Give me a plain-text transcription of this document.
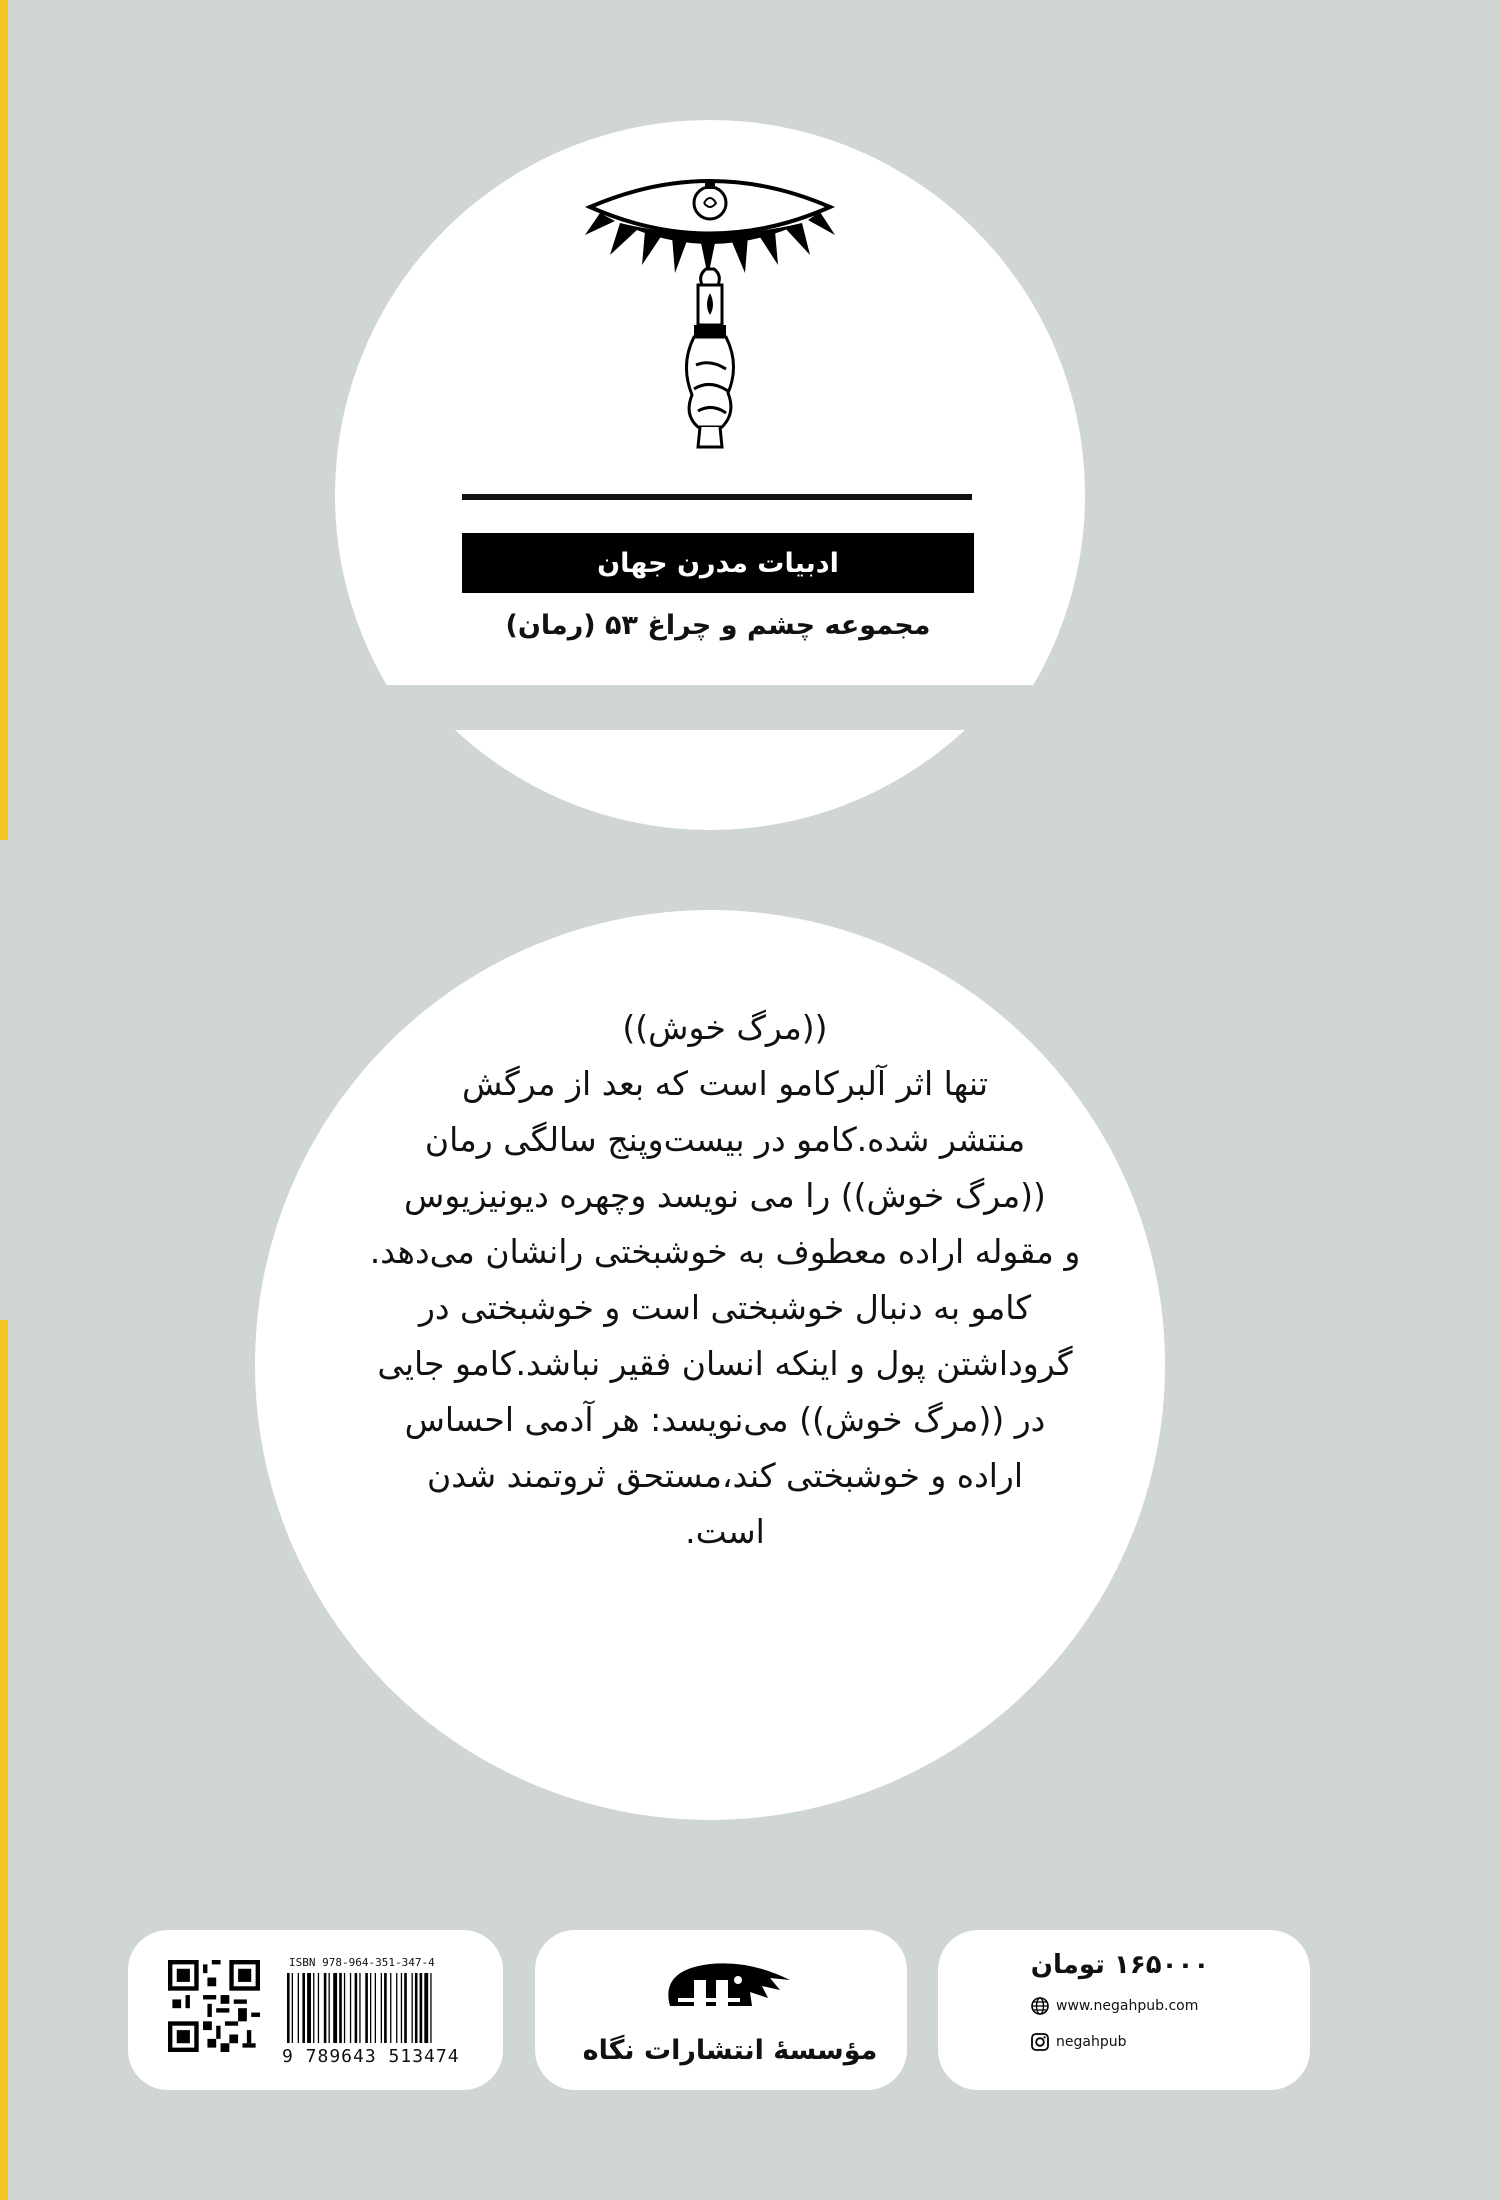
ادبیات مدرن جهان
مجموعه چشم و چراغ ۵۳ (رمان)
((مرگ خوش))
تنها اثر آلبرکامو است که بعد از مرگش
منتشر شده.کامو در بیست‌وپنج سالگی رمان
((مرگ خوش)) را می نویسد وچهره دیونیزیوس
و مقوله اراده معطوف به خوشبختی رانشان می‌دهد.
کامو به دنبال خوشبختی است و خوشبختی در
گروداشتن پول و اینکه انسان فقیر نباشد.کامو جایی
در ((مرگ خوش)) می‌نویسد: هر آدمی احساس
اراده و خوشبختی کند،مستحق ثروتمند شدن
است.
ISBN 978-964-351-347-4
9 789643 513474	مؤسسهٔ انتشارات نگاه
۱۶۵۰۰۰ تومان
www.negahpub.com
negahpub
